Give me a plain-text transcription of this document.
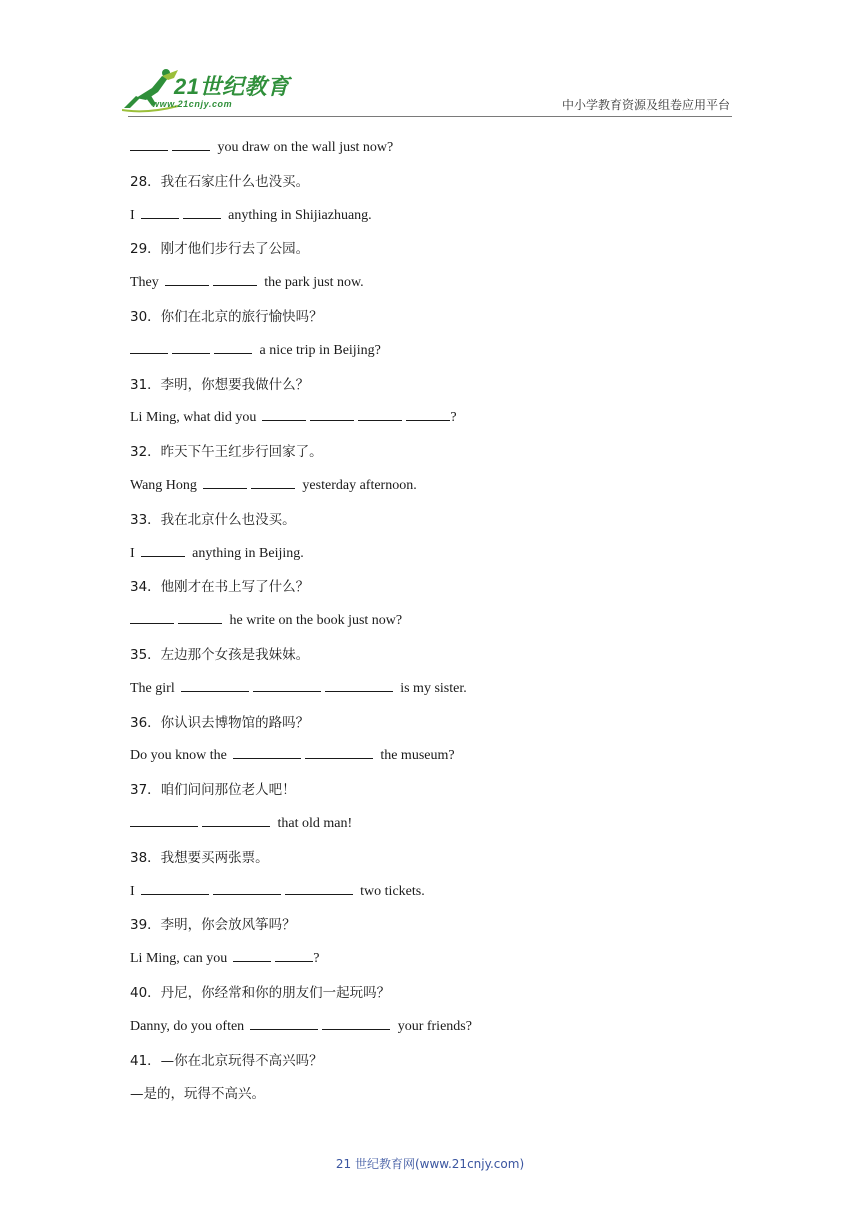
21世纪教育
www.21cnjy.com	中小学教育资源及组卷应用平台
you draw on the wall just now?
28．我在石家庄什么也没买。
I	anything in Shijiazhuang.
29．刚才他们步行去了公园。
They	the park just now.
30．你们在北京的旅行愉快吗？
a nice trip in Beijing?
31．李明，你想要我做什么？
Li Ming, what did you	?
32．昨天下午王红步行回家了。
Wang Hong	yesterday afternoon.
33．我在北京什么也没买。
I	anything in Beijing.
34．他刚才在书上写了什么？
he write on the book just now?
35．左边那个女孩是我妹妹。
The girl	is my sister.
36．你认识去博物馆的路吗？
Do you know the	the museum?
37．咱们问问那位老人吧！
that old man!
38．我想要买两张票。
I	two tickets.
39．李明，你会放风筝吗？
Li Ming, can you	?
40．丹尼，你经常和你的朋友们一起玩吗？
Danny, do you often	your friends?
41．—你在北京玩得不高兴吗？
—是的，玩得不高兴。
21 世纪教育网(www.21cnjy.com)
